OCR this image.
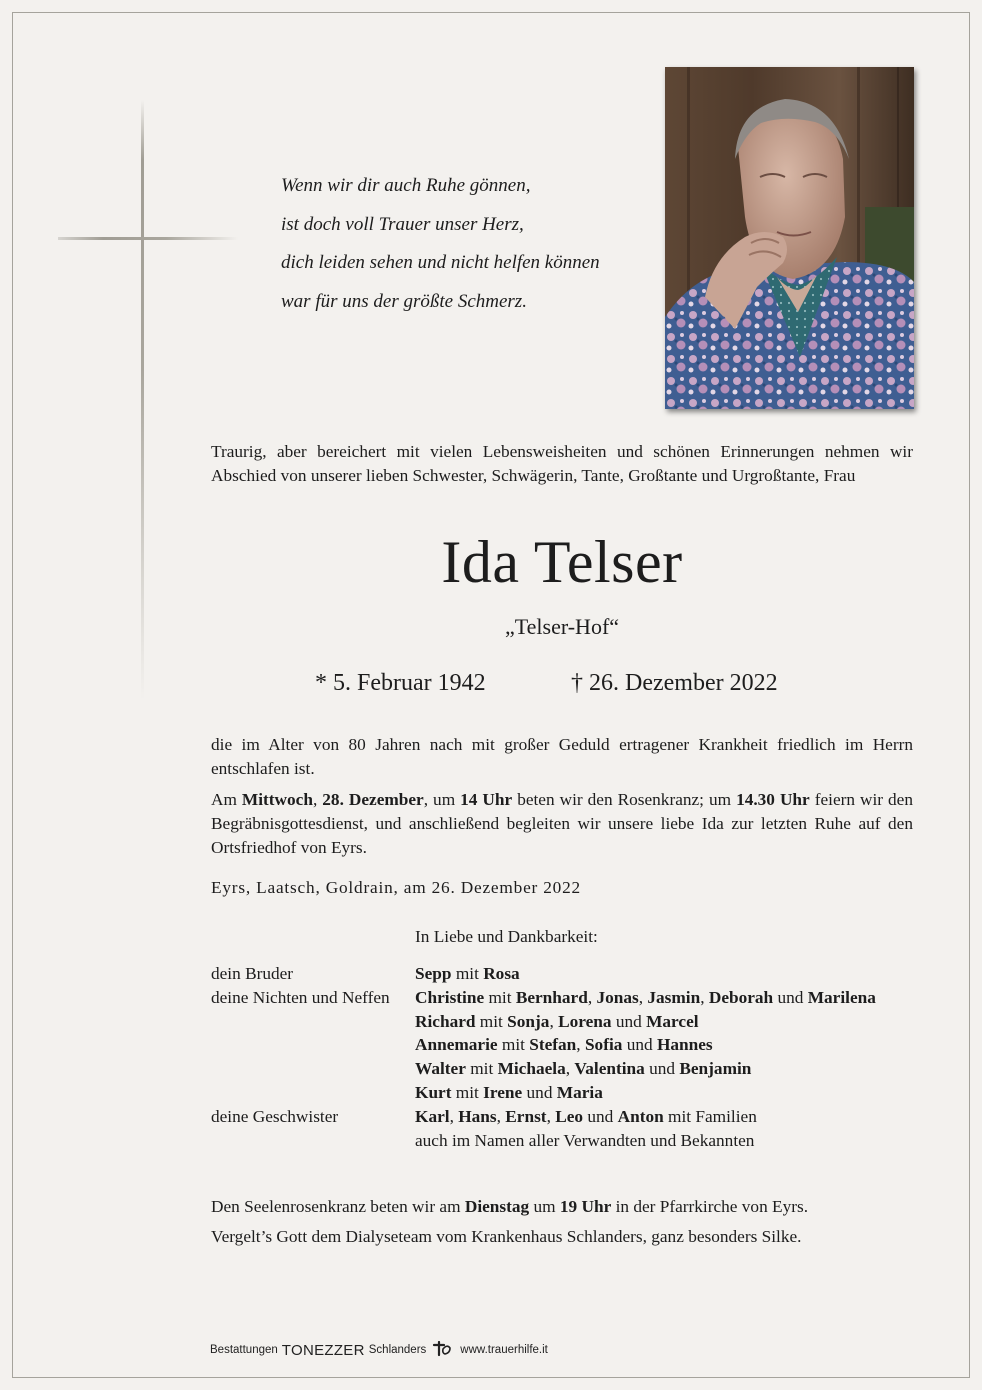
Wenn wir dir auch Ruhe gönnen,
ist doch voll Trauer unser Herz,
dich leiden sehen und nicht helfen können
war für uns der größte Schmerz.
Traurig, aber bereichert mit vielen Lebensweisheiten und schönen Erinnerungen nehmen wir Abschied von unserer lieben Schwester, Schwägerin, Tante, Großtante und Urgroßtante, Frau
Ida Telser
„Telser-Hof“
* 5. Februar 1942	† 26. Dezember 2022
die im Alter von 80 Jahren nach mit großer Geduld ertragener Krankheit friedlich im Herrn entschlafen ist.
Am Mittwoch, 28. Dezember, um 14 Uhr beten wir den Rosenkranz; um 14.30 Uhr feiern wir den Begräbnisgottesdienst, und anschließend begleiten wir unsere liebe Ida zur letzten Ruhe auf den Ortsfriedhof von Eyrs.
Eyrs, Laatsch, Goldrain, am 26. Dezember 2022
In Liebe und Dankbarkeit:
dein Bruder	Sepp mit Rosa
deine Nichten und Neffen	Christine mit Bernhard, Jonas, Jasmin, Deborah und Marilena
Richard mit Sonja, Lorena und Marcel
Annemarie mit Stefan, Sofia und Hannes
Walter mit Michaela, Valentina und Benjamin
Kurt mit Irene und Maria
deine Geschwister	Karl, Hans, Ernst, Leo und Anton mit Familien
auch im Namen aller Verwandten und Bekannten
Den Seelenrosenkranz beten wir am Dienstag um 19 Uhr in der Pfarrkirche von Eyrs.
Vergelt’s Gott dem Dialyseteam vom Krankenhaus Schlanders, ganz besonders Silke.
Bestattungen TONEZZER Schlanders	www.trauerhilfe.it
